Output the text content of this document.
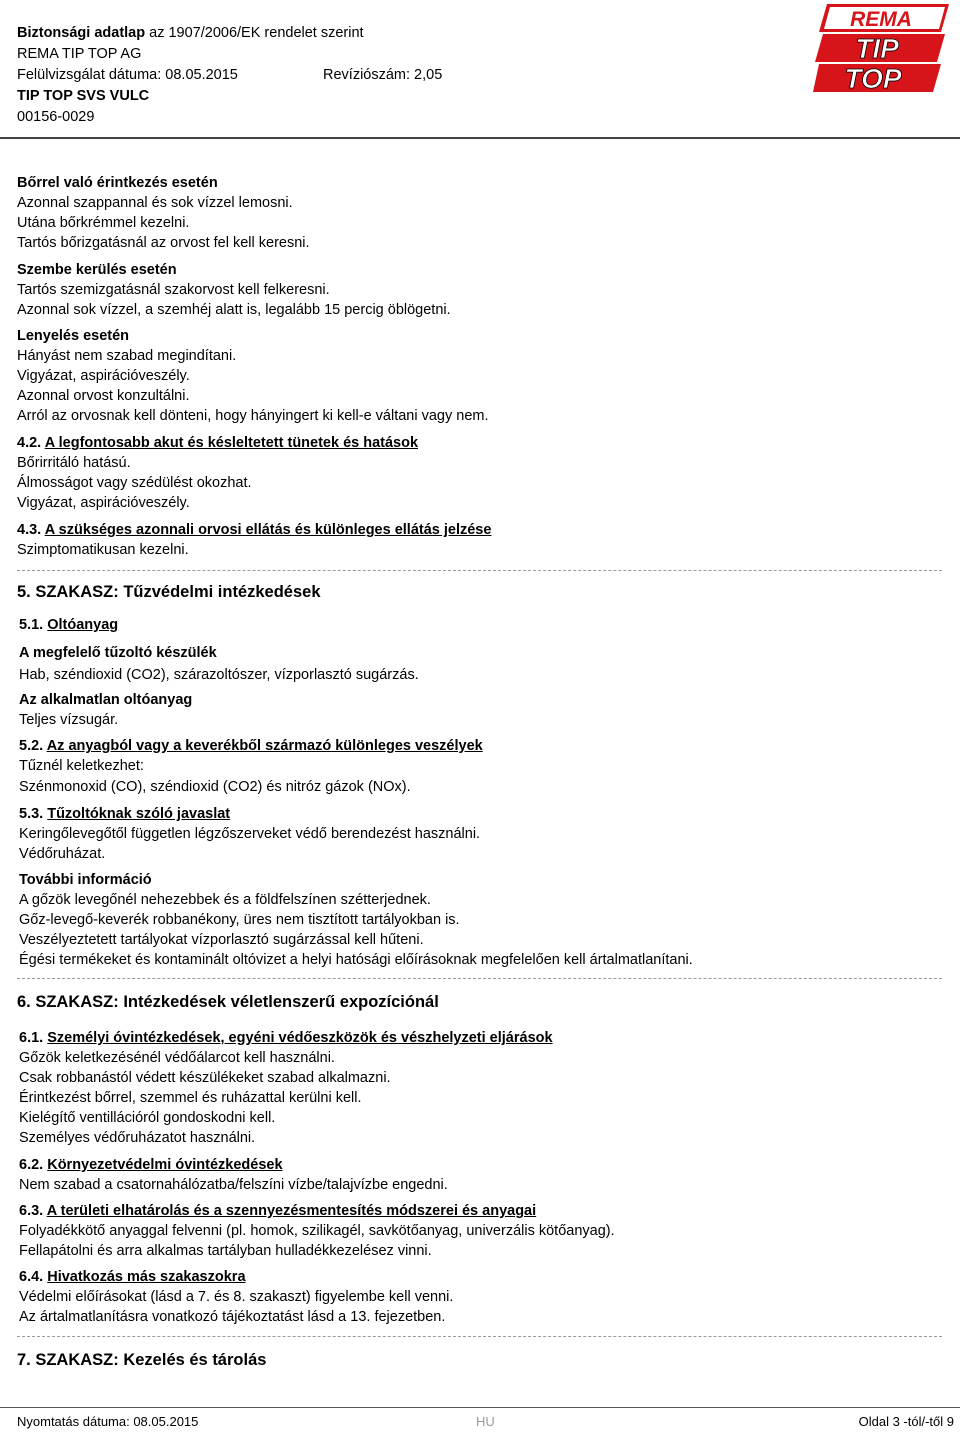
Biztonsági adatlap az 1907/2006/EK rendelet szerint
REMA TIP TOP AG
Felülvizsgálat dátuma: 08.05.2015	Revíziószám: 2,05
TIP TOP SVS VULC
00156-0029
REMA
TIP
TOP
Bőrrel való érintkezés esetén
Azonnal szappannal és sok vízzel lemosni.
Utána bőrkrémmel kezelni.
Tartós bőrizgatásnál az orvost fel kell keresni.
Szembe kerülés esetén
Tartós szemizgatásnál szakorvost kell felkeresni.
Azonnal sok vízzel, a szemhéj alatt is, legalább 15 percig öblögetni.
Lenyelés esetén
Hányást nem szabad megindítani.
Vigyázat, aspirációveszély.
Azonnal orvost konzultálni.
Arról az orvosnak kell dönteni, hogy hányingert ki kell-e váltani vagy nem.
4.2. A legfontosabb akut és késleltetett tünetek és hatások
Bőrirritáló hatású.
Álmosságot vagy szédülést okozhat.
Vigyázat, aspirációveszély.
4.3. A szükséges azonnali orvosi ellátás és különleges ellátás jelzése
Szimptomatikusan kezelni.
5. SZAKASZ: Tűzvédelmi intézkedések
5.1. Oltóanyag
A megfelelő tűzoltó készülék
Hab, széndioxid (CO2), szárazoltószer, vízporlasztó sugárzás.
Az alkalmatlan oltóanyag
Teljes vízsugár.
5.2. Az anyagból vagy a keverékből származó különleges veszélyek
Tűznél keletkezhet:
Szénmonoxid (CO), széndioxid (CO2) és nitróz gázok (NOx).
5.3. Tűzoltóknak szóló javaslat
Keringőlevegőtől független légzőszerveket védő berendezést használni.
Védőruházat.
További információ
A gőzök levegőnél nehezebbek és a földfelszínen szétterjednek.
Gőz-levegő-keverék robbanékony, üres nem tisztított tartályokban is.
Veszélyeztetett tartályokat vízporlasztó sugárzással kell hűteni.
Égési termékeket és kontaminált oltóvizet a helyi hatósági előírásoknak megfelelően kell ártalmatlanítani.
6. SZAKASZ: Intézkedések véletlenszerű expozíciónál
6.1. Személyi óvintézkedések, egyéni védőeszközök és vészhelyzeti eljárások
Gőzök keletkezésénél védőálarcot kell használni.
Csak robbanástól védett készülékeket szabad alkalmazni.
Érintkezést bőrrel, szemmel és ruházattal kerülni kell.
Kielégítő ventillációról gondoskodni kell.
Személyes védőruházatot használni.
6.2. Környezetvédelmi óvintézkedések
Nem szabad a csatornahálózatba/felszíni vízbe/talajvízbe engedni.
6.3. A területi elhatárolás és a szennyezésmentesítés módszerei és anyagai
Folyadékkötő anyaggal felvenni (pl. homok, szilikagél, savkötőanyag, univerzális kötőanyag).
Fellapátolni és arra alkalmas tartályban hulladékkezelésez vinni.
6.4. Hivatkozás más szakaszokra
Védelmi előírásokat (lásd a 7. és 8. szakaszt) figyelembe kell venni.
Az ártalmatlanításra vonatkozó tájékoztatást lásd a 13. fejezetben.
7. SZAKASZ: Kezelés és tárolás
Nyomtatás dátuma: 08.05.2015	HU	Oldal 3 -tól/-től 9
